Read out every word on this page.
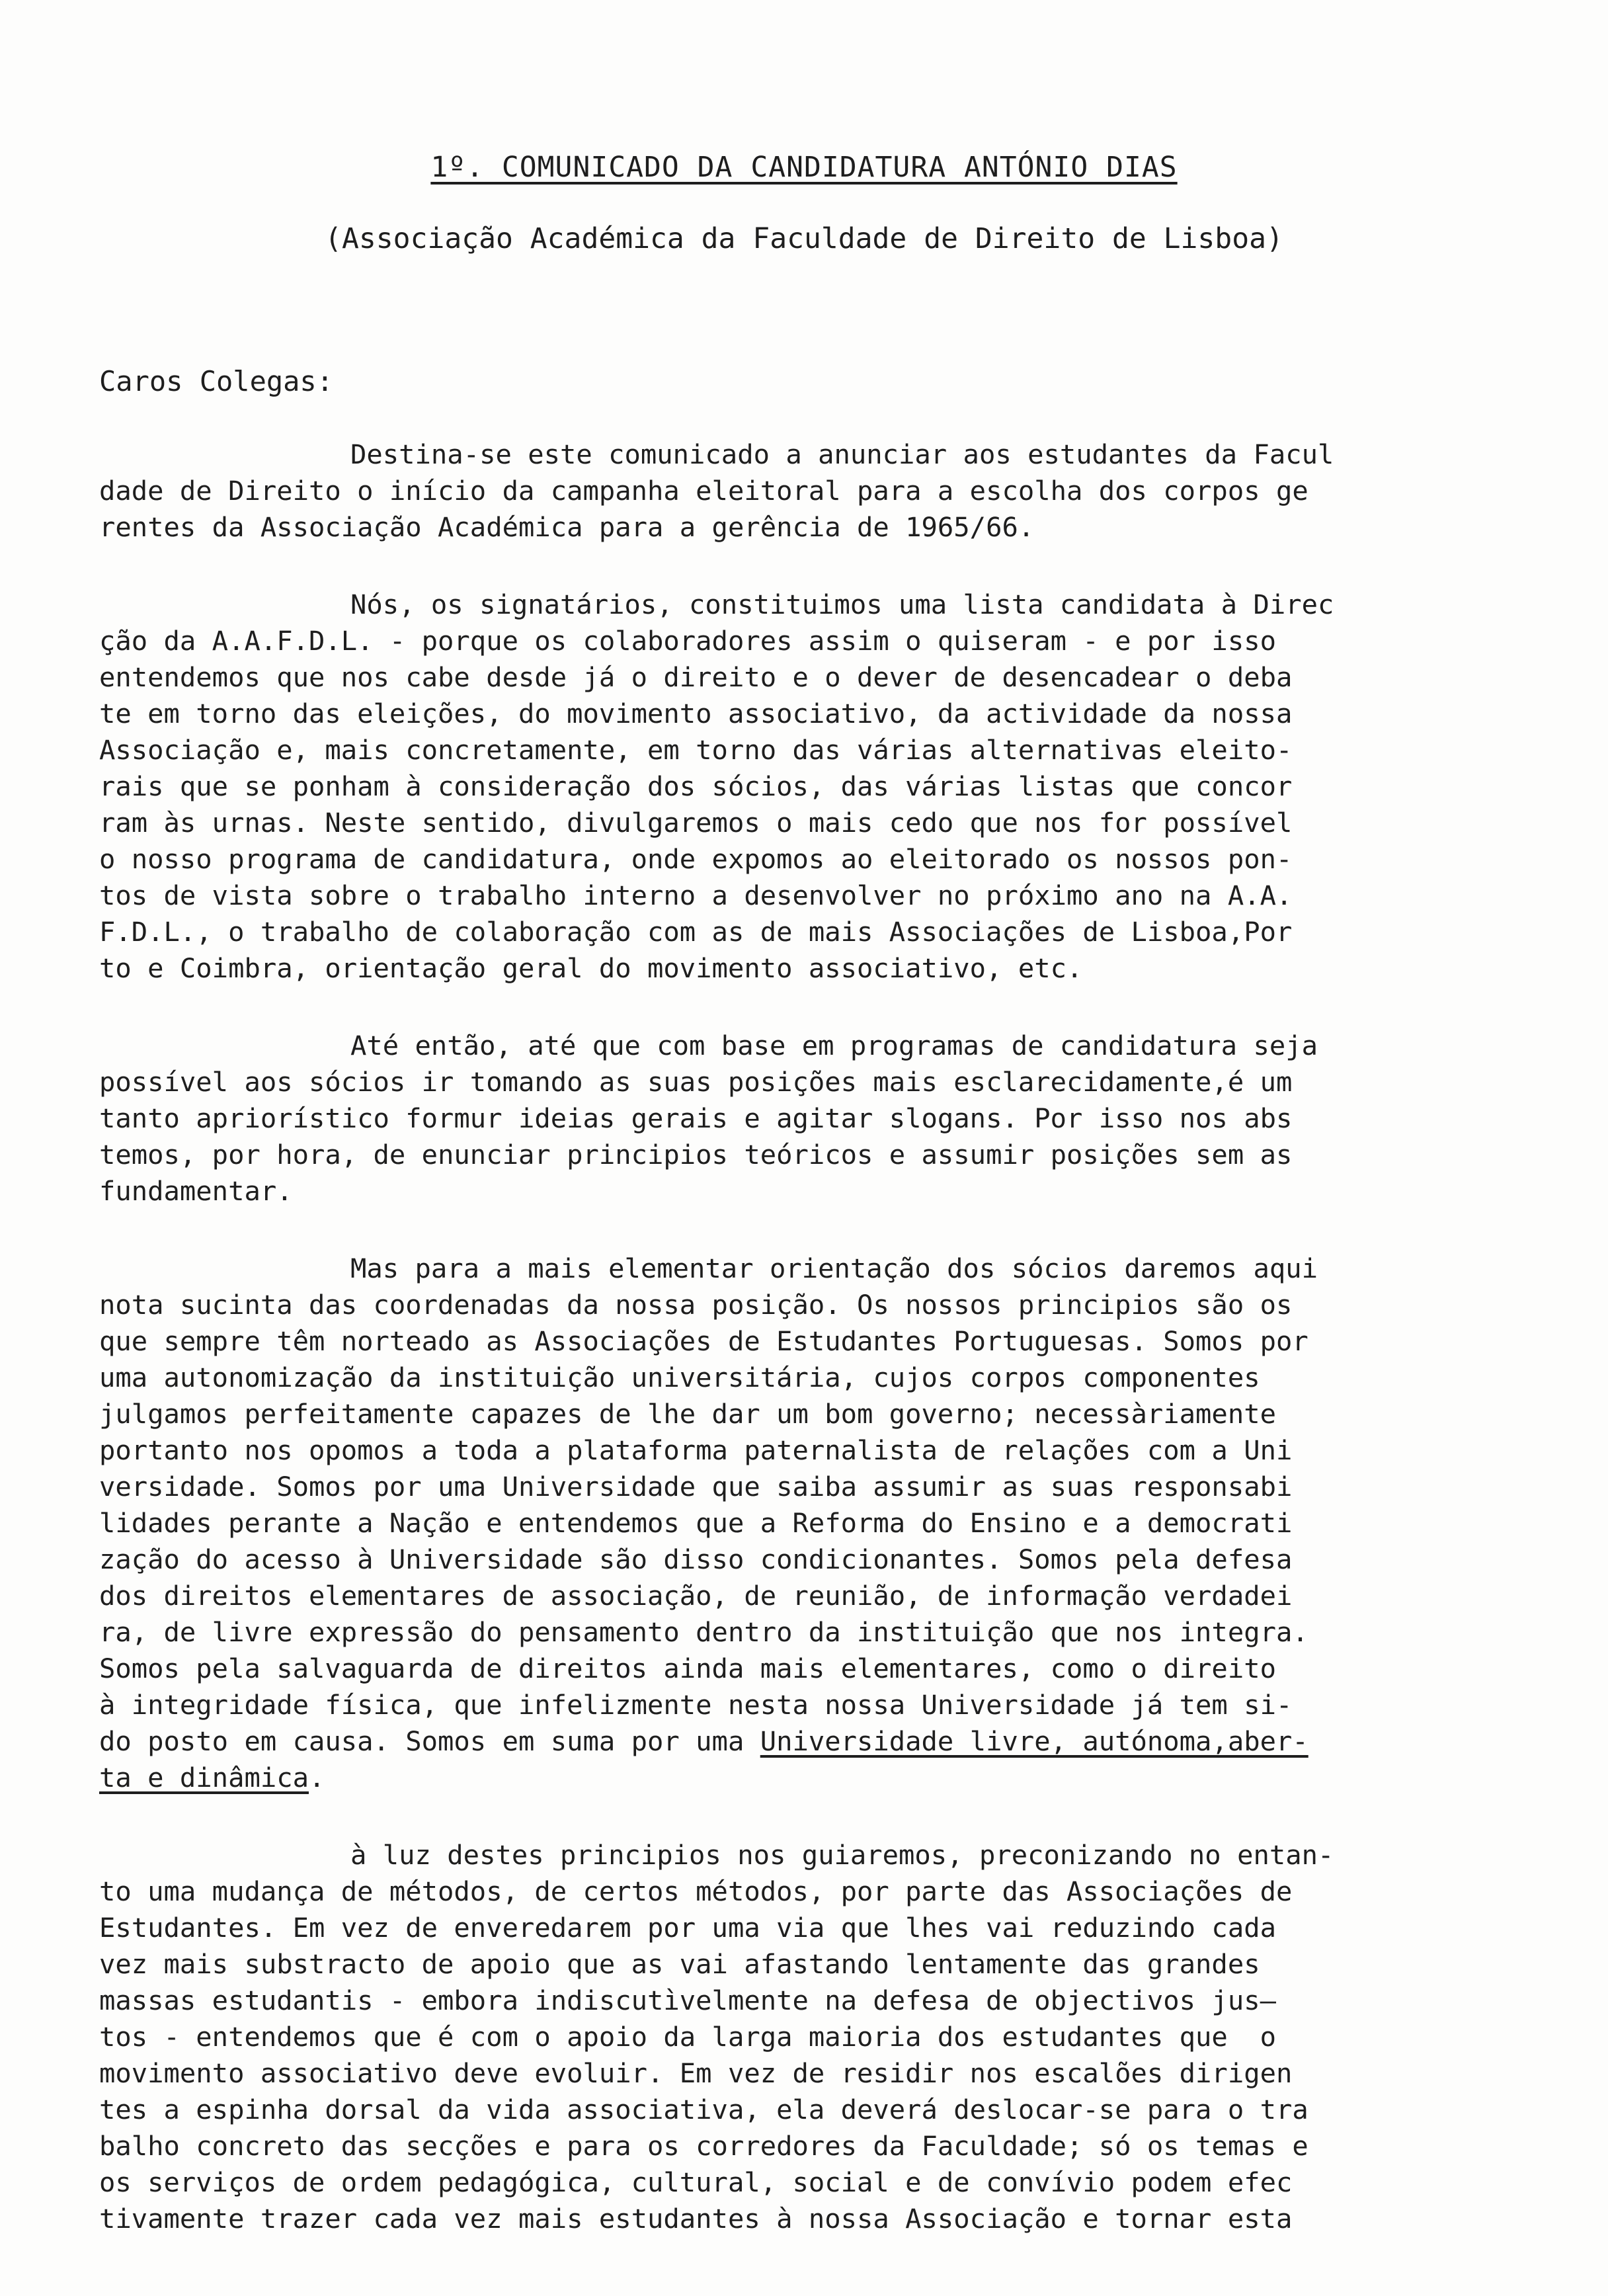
1º. COMUNICADO DA CANDIDATURA ANTÓNIO DIAS
(Associação Académica da Faculdade de Direito de Lisboa)
Caros Colegas:
Destina-se este comunicado a anunciar aos estudantes da Facul
dade de Direito o início da campanha eleitoral para a escolha dos corpos ge
rentes da Associação Académica para a gerência de 1965/66.
Nós, os signatários, constituimos uma lista candidata à Direc
ção da A.A.F.D.L. - porque os colaboradores assim o quiseram - e por isso
entendemos que nos cabe desde já o direito e o dever de desencadear o deba
te em torno das eleições, do movimento associativo, da actividade da nossa
Associação e, mais concretamente, em torno das várias alternativas eleito-
rais que se ponham à consideração dos sócios, das várias listas que concor
ram às urnas. Neste sentido, divulgaremos o mais cedo que nos for possível
o nosso programa de candidatura, onde expomos ao eleitorado os nossos pon-
tos de vista sobre o trabalho interno a desenvolver no próximo ano na A.A.
F.D.L., o trabalho de colaboração com as de mais Associações de Lisboa,Por
to e Coimbra, orientação geral do movimento associativo, etc.
Até então, até que com base em programas de candidatura seja
possível aos sócios ir tomando as suas posições mais esclarecidamente,é um
tanto apriorístico formur ideias gerais e agitar slogans. Por isso nos abs
temos, por hora, de enunciar principios teóricos e assumir posições sem as
fundamentar.
Mas para a mais elementar orientação dos sócios daremos aqui
nota sucinta das coordenadas da nossa posição. Os nossos principios são os
que sempre têm norteado as Associações de Estudantes Portuguesas. Somos por
uma autonomização da instituição universitária, cujos corpos componentes
julgamos perfeitamente capazes de lhe dar um bom governo; necessàriamente
portanto nos opomos a toda a plataforma paternalista de relações com a Uni
versidade. Somos por uma Universidade que saiba assumir as suas responsabi
lidades perante a Nação e entendemos que a Reforma do Ensino e a democrati
zação do acesso à Universidade são disso condicionantes. Somos pela defesa
dos direitos elementares de associação, de reunião, de informação verdadei
ra, de livre expressão do pensamento dentro da instituição que nos integra.
Somos pela salvaguarda de direitos ainda mais elementares, como o direito
à integridade física, que infelizmente nesta nossa Universidade já tem si-
do posto em causa. Somos em suma por uma Universidade livre, autónoma,aber-
ta e dinâmica.
à luz destes principios nos guiaremos, preconizando no entan-
to uma mudança de métodos, de certos métodos, por parte das Associações de
Estudantes. Em vez de enveredarem por uma via que lhes vai reduzindo cada
vez mais substracto de apoio que as vai afastando lentamente das grandes
massas estudantis - embora indiscutìvelmente na defesa de objectivos jus—
tos - entendemos que é com o apoio da larga maioria dos estudantes que  o
movimento associativo deve evoluir. Em vez de residir nos escalões dirigen
tes a espinha dorsal da vida associativa, ela deverá deslocar-se para o tra
balho concreto das secções e para os corredores da Faculdade; só os temas e
os serviços de ordem pedagógica, cultural, social e de convívio podem efec
tivamente trazer cada vez mais estudantes à nossa Associação e tornar esta
